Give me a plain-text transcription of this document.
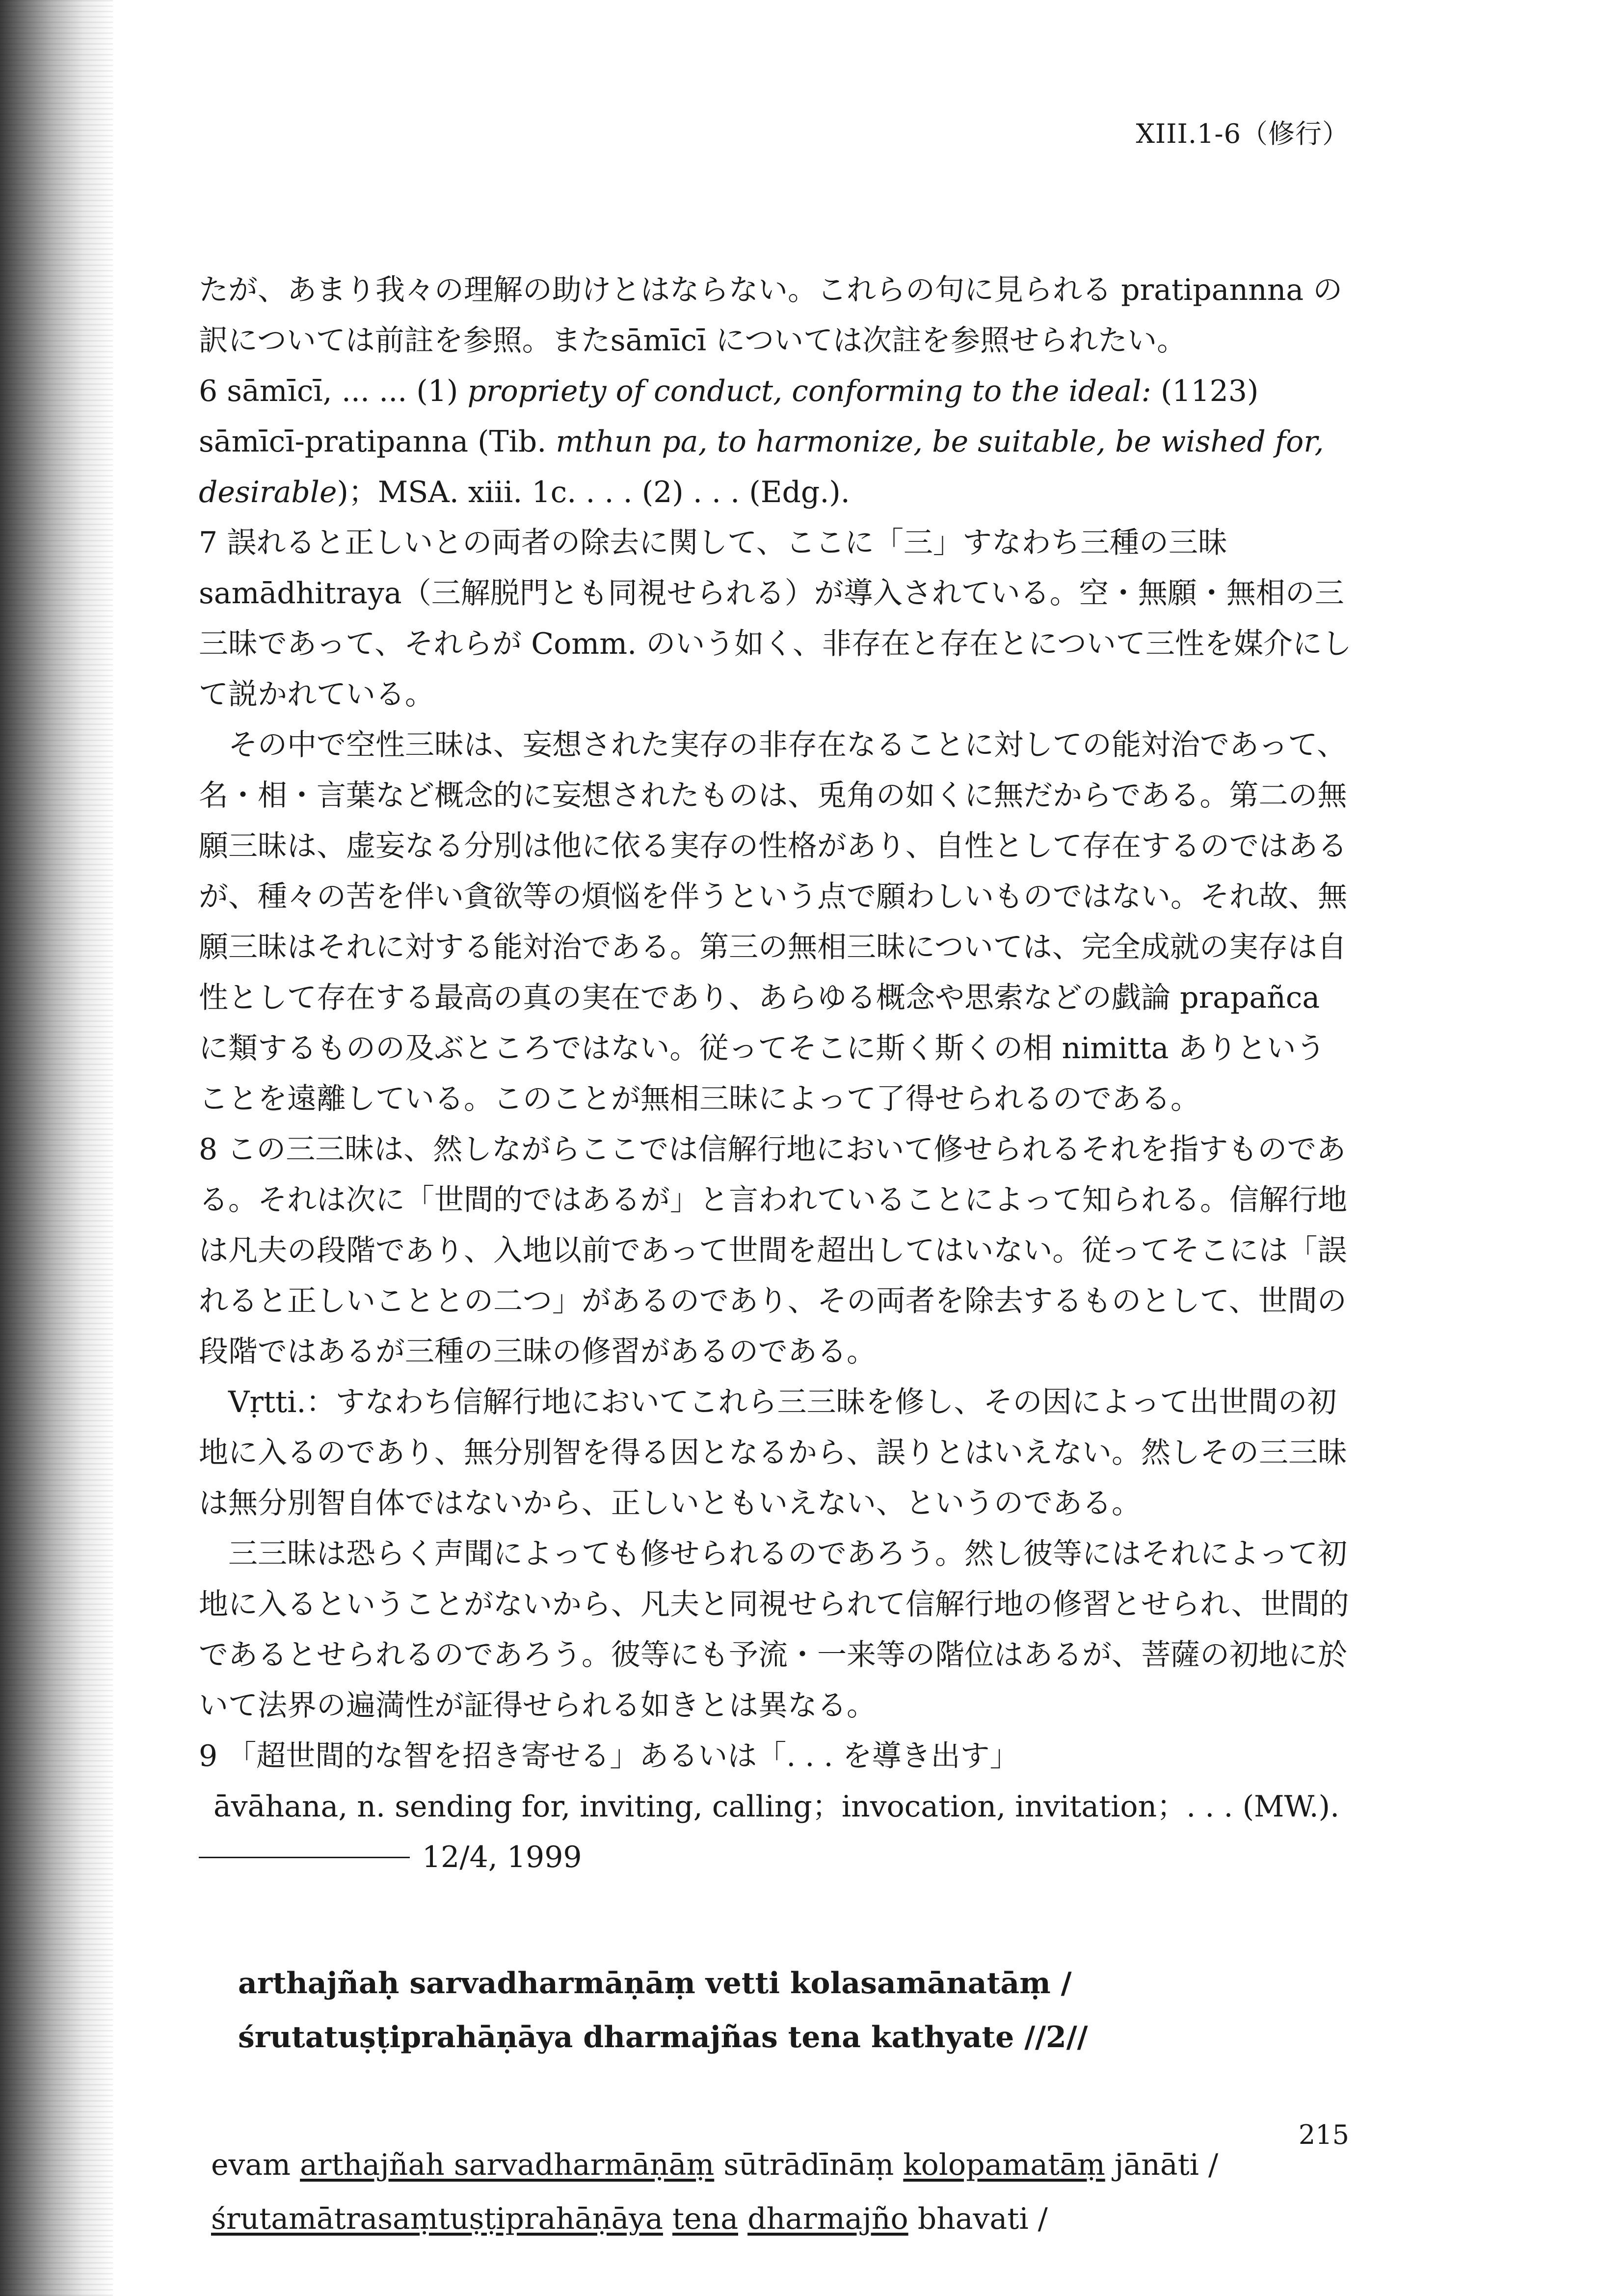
XIII.1-6（修行）

たが、あまり我々の理解の助けとはならない。これらの句に見られる pratipannna の訳については前註を参照。またsāmīcī については次註を参照せられたい。

6 sāmīcī, ... ... (1) propriety of conduct, conforming to the ideal: (1123) sāmīcī-pratipanna (Tib. mthun pa, to harmonize, be suitable, be wished for, desirable)；MSA. xiii. 1c. . . . (2) . . . (Edg.).

7 誤れると正しいとの両者の除去に関して、ここに「三」すなわち三種の三昧 samādhitraya（三解脱門とも同視せられる）が導入されている。空・無願・無相の三三昧であって、それらが Comm. のいう如く、非存在と存在とについて三性を媒介にして説かれている。

その中で空性三昧は、妄想された実存の非存在なることに対しての能対治であって、名・相・言葉など概念的に妄想されたものは、兎角の如くに無だからである。第二の無願三昧は、虚妄なる分別は他に依る実存の性格があり、自性として存在するのではあるが、種々の苦を伴い貪欲等の煩悩を伴うという点で願わしいものではない。それ故、無願三昧はそれに対する能対治である。第三の無相三昧については、完全成就の実存は自性として存在する最高の真の実在であり、あらゆる概念や思索などの戯論 prapañca に類するものの及ぶところではない。従ってそこに斯く斯くの相 nimitta ありということを遠離している。このことが無相三昧によって了得せられるのである。

8 この三三昧は、然しながらここでは信解行地において修せられるそれを指すものである。それは次に「世間的ではあるが」と言われていることによって知られる。信解行地は凡夫の段階であり、入地以前であって世間を超出してはいない。従ってそこには「誤れると正しいこととの二つ」があるのであり、その両者を除去するものとして、世間の段階ではあるが三種の三昧の修習があるのである。

Vṛtti.：すなわち信解行地においてこれら三三昧を修し、その因によって出世間の初地に入るのであり、無分別智を得る因となるから、誤りとはいえない。然しその三三昧は無分別智自体ではないから、正しいともいえない、というのである。

三三昧は恐らく声聞によっても修せられるのであろう。然し彼等にはそれによって初地に入るということがないから、凡夫と同視せられて信解行地の修習とせられ、世間的であるとせられるのであろう。彼等にも予流・一来等の階位はあるが、菩薩の初地に於いて法界の遍満性が証得せられる如きとは異なる。

9 「超世間的な智を招き寄せる」あるいは「. . . を導き出す」

āvāhana, n. sending for, inviting, calling；invocation, invitation；. . . (MW.).

12/4, 1999

arthajñaḥ sarvadharmāṇāṃ vetti kolasamānatāṃ /
śrutatuṣṭiprahāṇāya dharmajñas tena kathyate //2//
evam arthajñah sarvadharmāṇāṃ sūtrādīnāṃ kolopamatāṃ jānāti / śrutamātrasaṃtuṣṭiprahāṇāya tena dharmajño bhavati /
215
